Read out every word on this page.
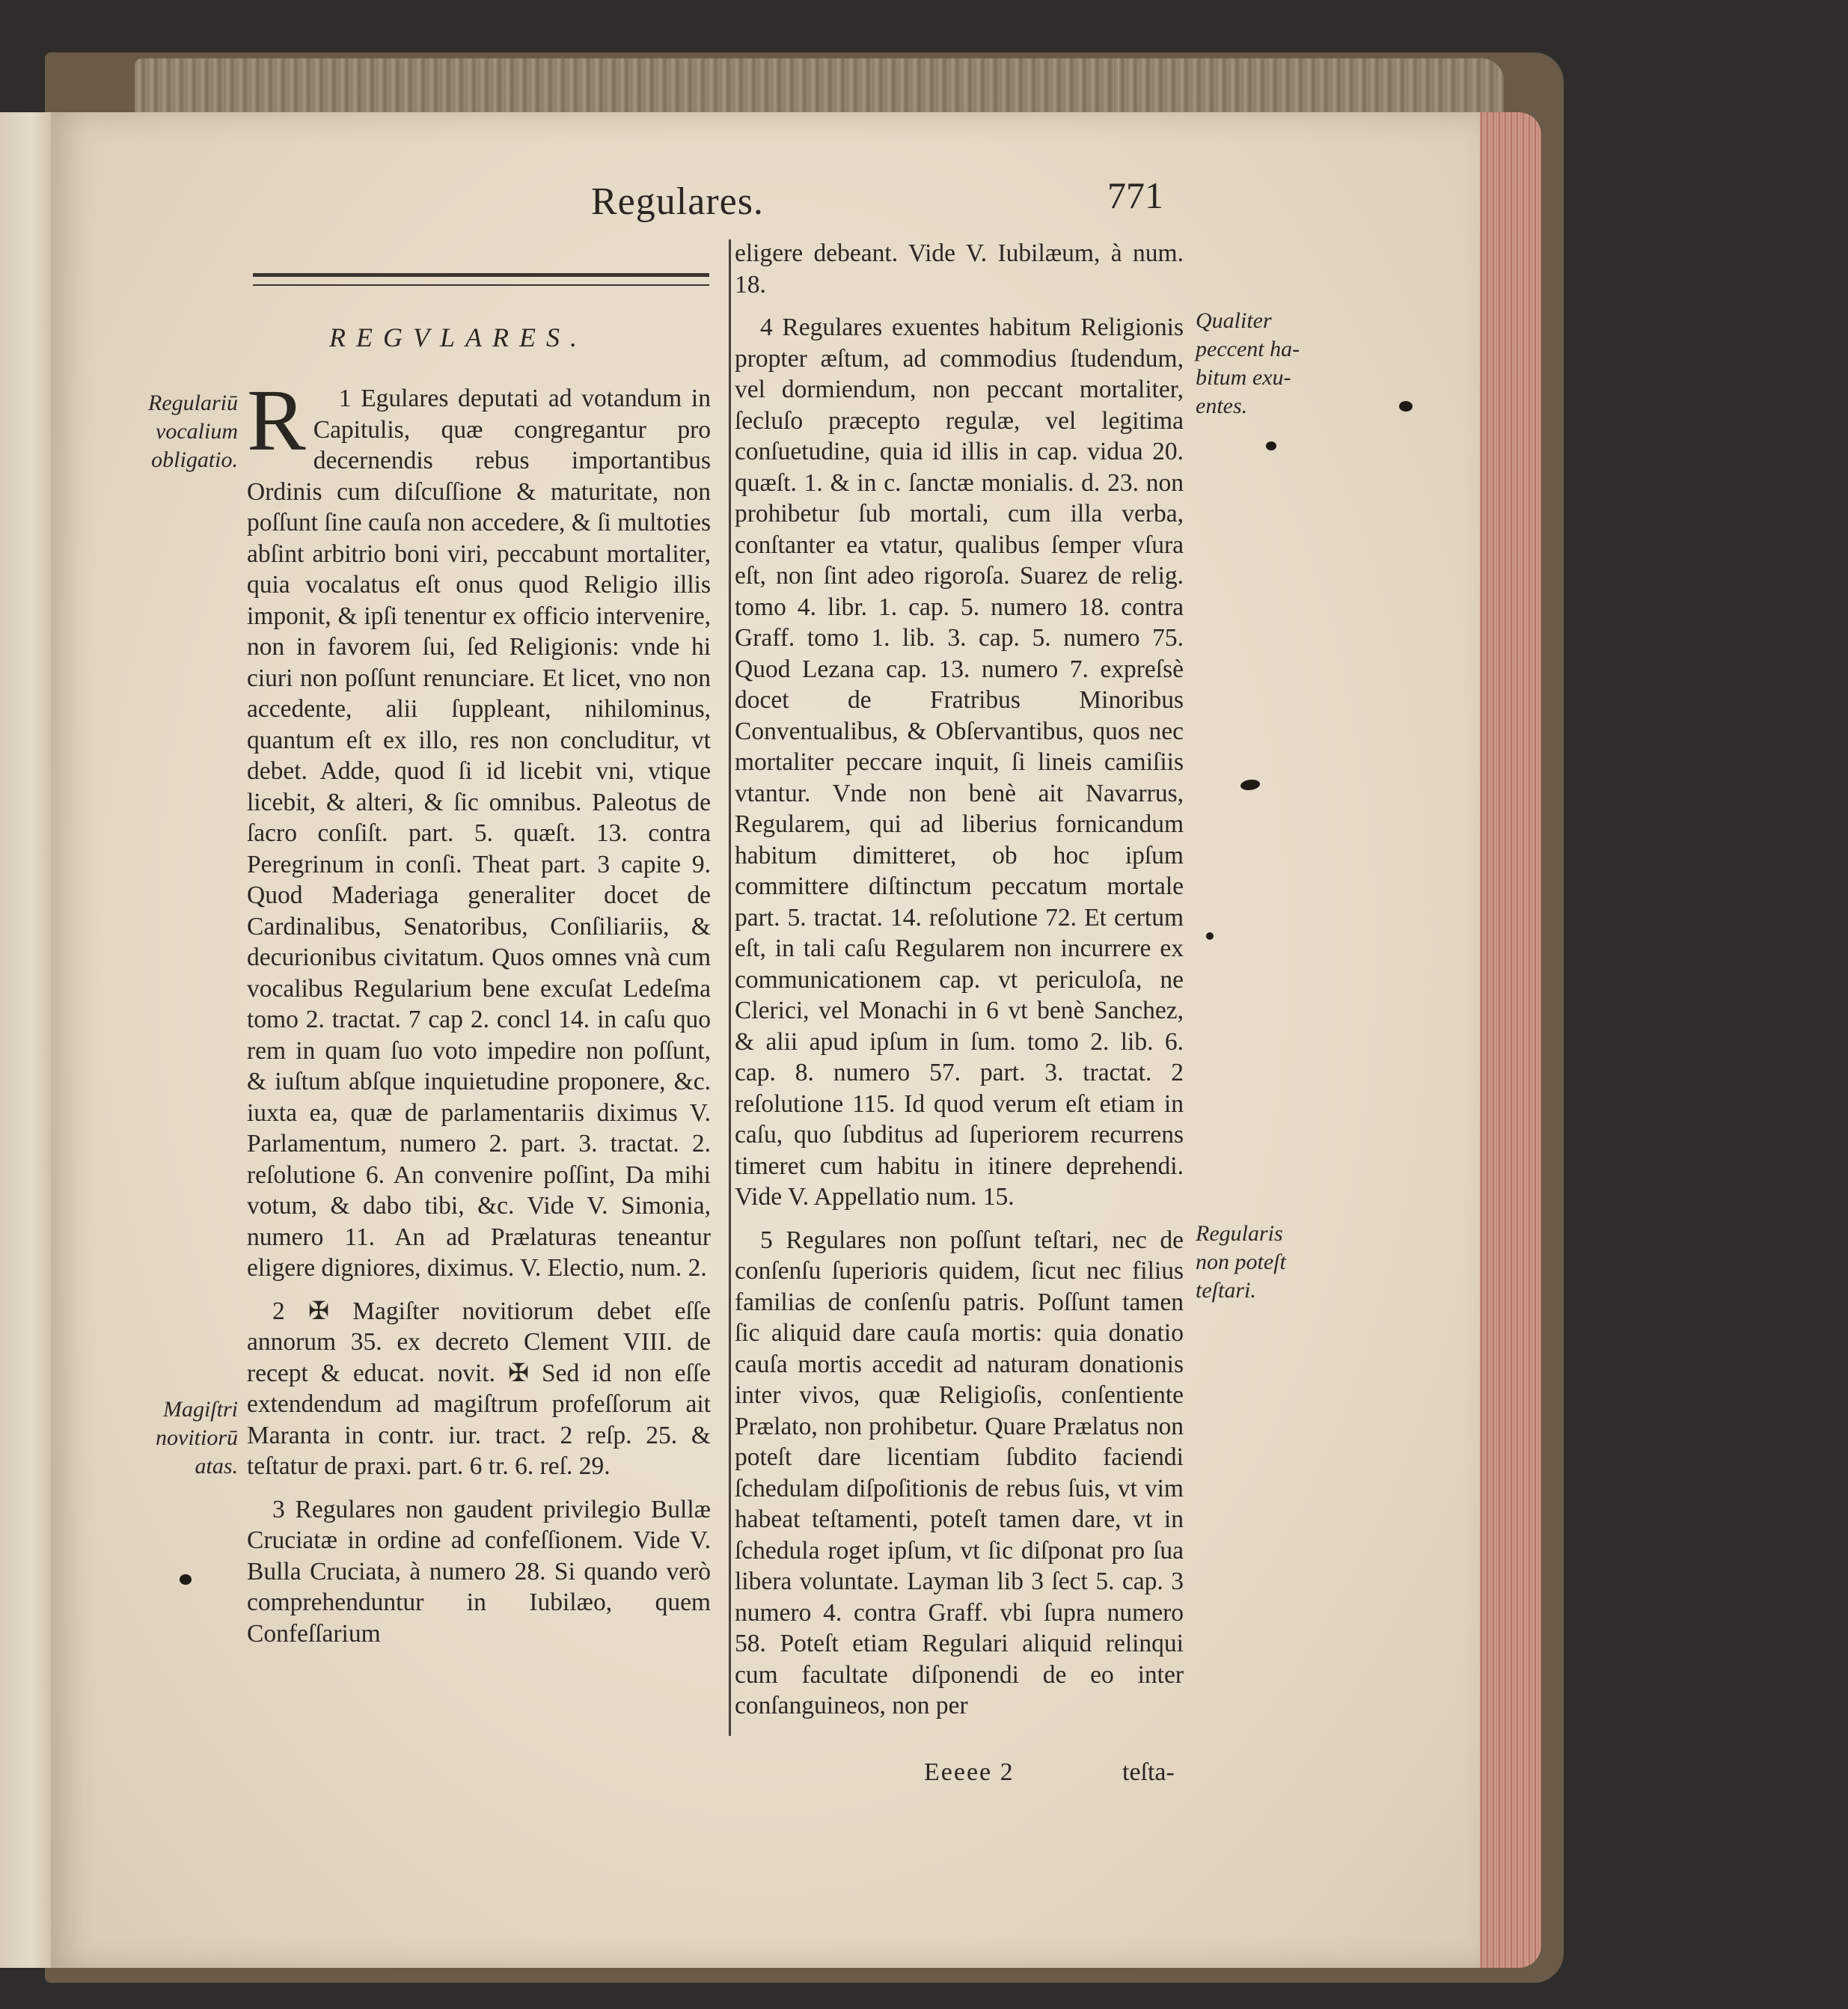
Regulares.	771
REGVLARES.
Regulariū
vocalium
obligatio.
Magiſtri
novitiorū
atas.
Qualiter
peccent ha-
bitum exu-
entes.
Regularis
non poteſt
teſtari.
R	1 Egulares deputati ad votandum in Capitulis, quæ congregantur pro decernendis rebus importantibus Ordinis cum diſcuſſione & maturitate, non poſſunt ſine cauſa non accedere, & ſi multoties abſint arbitrio boni viri, peccabunt mortaliter, quia vocalatus eſt onus quod Religio illis imponit, & ipſi tenentur ex officio intervenire, non in favorem ſui, ſed Religionis: vnde hi ciuri non poſſunt renunciare. Et licet, vno non accedente, alii ſuppleant, nihilominus, quantum eſt ex illo, res non concluditur, vt debet. Adde, quod ſi id licebit vni, vtique licebit, & alteri, & ſic omnibus. Paleotus de ſacro conſiſt. part. 5. quæſt. 13. contra Peregrinum in conſi. Theat part. 3 capite 9. Quod Maderiaga generaliter docet de Cardinalibus, Senatoribus, Conſiliariis, & decurionibus civitatum. Quos omnes vnà cum vocalibus Regularium bene excuſat Ledeſma tomo 2. tractat. 7 cap 2. concl 14. in caſu quo rem in quam ſuo voto impedire non poſſunt, & iuſtum abſque inquietudine proponere, &c. iuxta ea, quæ de parlamentariis diximus V. Parlamentum, numero 2. part. 3. tractat. 2. reſolutione 6. An convenire poſſint, Da mihi votum, & dabo tibi, &c. Vide V. Simonia, numero 11. An ad Prælaturas teneantur eligere digniores, diximus. V. Electio, num. 2.

2 ✠ Magiſter novitiorum debet eſſe annorum 35. ex decreto Clement VIII. de recept & educat. novit. ✠ Sed id non eſſe extendendum ad magiſtrum profeſſorum ait Maranta in contr. iur. tract. 2 reſp. 25. & teſtatur de praxi. part. 6 tr. 6. reſ. 29.

3 Regulares non gaudent privilegio Bullæ Cruciatæ in ordine ad confeſſionem. Vide V. Bulla Cruciata, à numero 28. Si quando verò comprehenduntur in Iubilæo, quem Confeſſarium

eligere debeant. Vide V. Iubilæum, à num. 18.

4 Regulares exuentes habitum Religionis propter æſtum, ad commodius ſtudendum, vel dormiendum, non peccant mortaliter, ſecluſo præcepto regulæ, vel legitima conſuetudine, quia id illis in cap. vidua 20. quæſt. 1. & in c. ſanctæ monialis. d. 23. non prohibetur ſub mortali, cum illa verba, conſtanter ea vtatur, qualibus ſemper vſura eſt, non ſint adeo rigoroſa. Suarez de relig. tomo 4. libr. 1. cap. 5. numero 18. contra Graff. tomo 1. lib. 3. cap. 5. numero 75. Quod Lezana cap. 13. numero 7. expreſsè docet de Fratribus Minoribus Conventualibus, & Obſervantibus, quos nec mortaliter peccare inquit, ſi lineis camiſiis vtantur. Vnde non benè ait Navarrus, Regularem, qui ad liberius fornicandum habitum dimitteret, ob hoc ipſum committere diſtinctum peccatum mortale part. 5. tractat. 14. reſolutione 72. Et certum eſt, in tali caſu Regularem non incurrere ex communicationem cap. vt periculoſa, ne Clerici, vel Monachi in 6 vt benè Sanchez, & alii apud ipſum in ſum. tomo 2. lib. 6. cap. 8. numero 57. part. 3. tractat. 2 reſolutione 115. Id quod verum eſt etiam in caſu, quo ſubditus ad ſuperiorem recurrens timeret cum habitu in itinere deprehendi. Vide V. Appellatio num. 15.

5 Regulares non poſſunt teſtari, nec de conſenſu ſuperioris quidem, ſicut nec filius familias de conſenſu patris. Poſſunt tamen ſic aliquid dare cauſa mortis: quia donatio cauſa mortis accedit ad naturam donationis inter vivos, quæ Religioſis, conſentiente Prælato, non prohibetur. Quare Prælatus non poteſt dare licentiam ſubdito faciendi ſchedulam diſpoſitionis de rebus ſuis, vt vim habeat teſtamenti, poteſt tamen dare, vt in ſchedula roget ipſum, vt ſic diſponat pro ſua libera voluntate. Layman lib 3 ſect 5. cap. 3 numero 4. contra Graff. vbi ſupra numero 58. Poteſt etiam Regulari aliquid relinqui cum facultate diſponendi de eo inter conſanguineos, non per

Eeeee 2	teſta-
